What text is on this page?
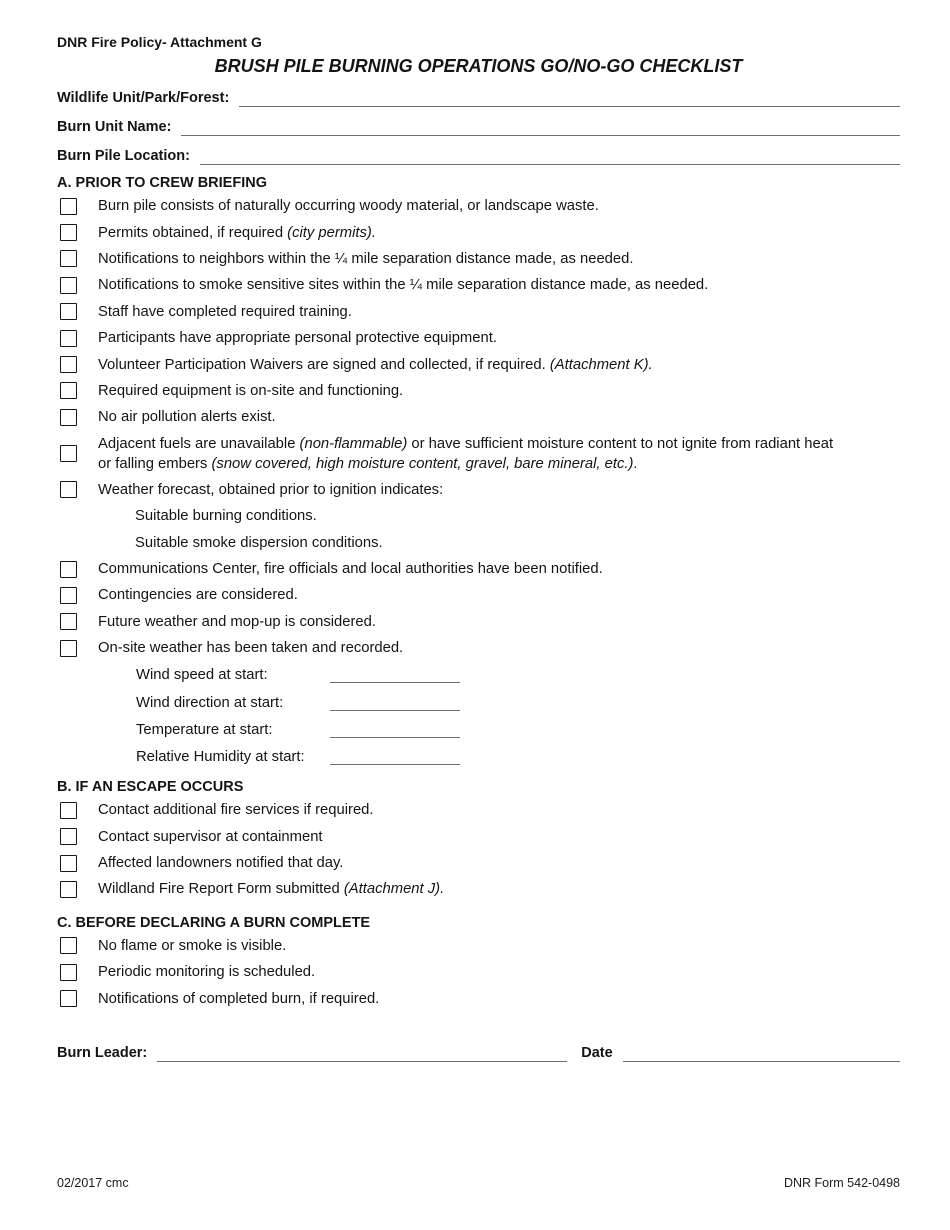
DNR Fire Policy- Attachment G
BRUSH PILE BURNING OPERATIONS GO/NO-GO CHECKLIST
Wildlife Unit/Park/Forest:
Burn Unit Name:
Burn Pile Location:
A. PRIOR TO CREW BRIEFING
Burn pile consists of naturally occurring woody material, or landscape waste.
Permits obtained, if required (city permits).
Notifications to neighbors within the ¼ mile separation distance made, as needed.
Notifications to smoke sensitive sites within the ¼ mile separation distance made, as needed.
Staff have completed required training.
Participants have appropriate personal protective equipment.
Volunteer Participation Waivers are signed and collected, if required. (Attachment K).
Required equipment is on-site and functioning.
No air pollution alerts exist.
Adjacent fuels are unavailable (non-flammable) or have sufficient moisture content to not ignite from radiant heat
or falling embers (snow covered, high moisture content, gravel, bare mineral, etc.).
Weather forecast, obtained prior to ignition indicates:
Suitable burning conditions.
Suitable smoke dispersion conditions.
Communications Center, fire officials and local authorities have been notified.
Contingencies are considered.
Future weather and mop-up is considered.
On-site weather has been taken and recorded.
Wind speed at start:
Wind direction at start:
Temperature at start:
Relative Humidity at start:
B. IF AN ESCAPE OCCURS
Contact additional fire services if required.
Contact supervisor at containment
Affected landowners notified that day.
Wildland Fire Report Form submitted (Attachment J).
C. BEFORE DECLARING A BURN COMPLETE
No flame or smoke is visible.
Periodic monitoring is scheduled.
Notifications of completed burn, if required.
Burn Leader:	Date
02/2017 cmc	DNR Form 542-0498
